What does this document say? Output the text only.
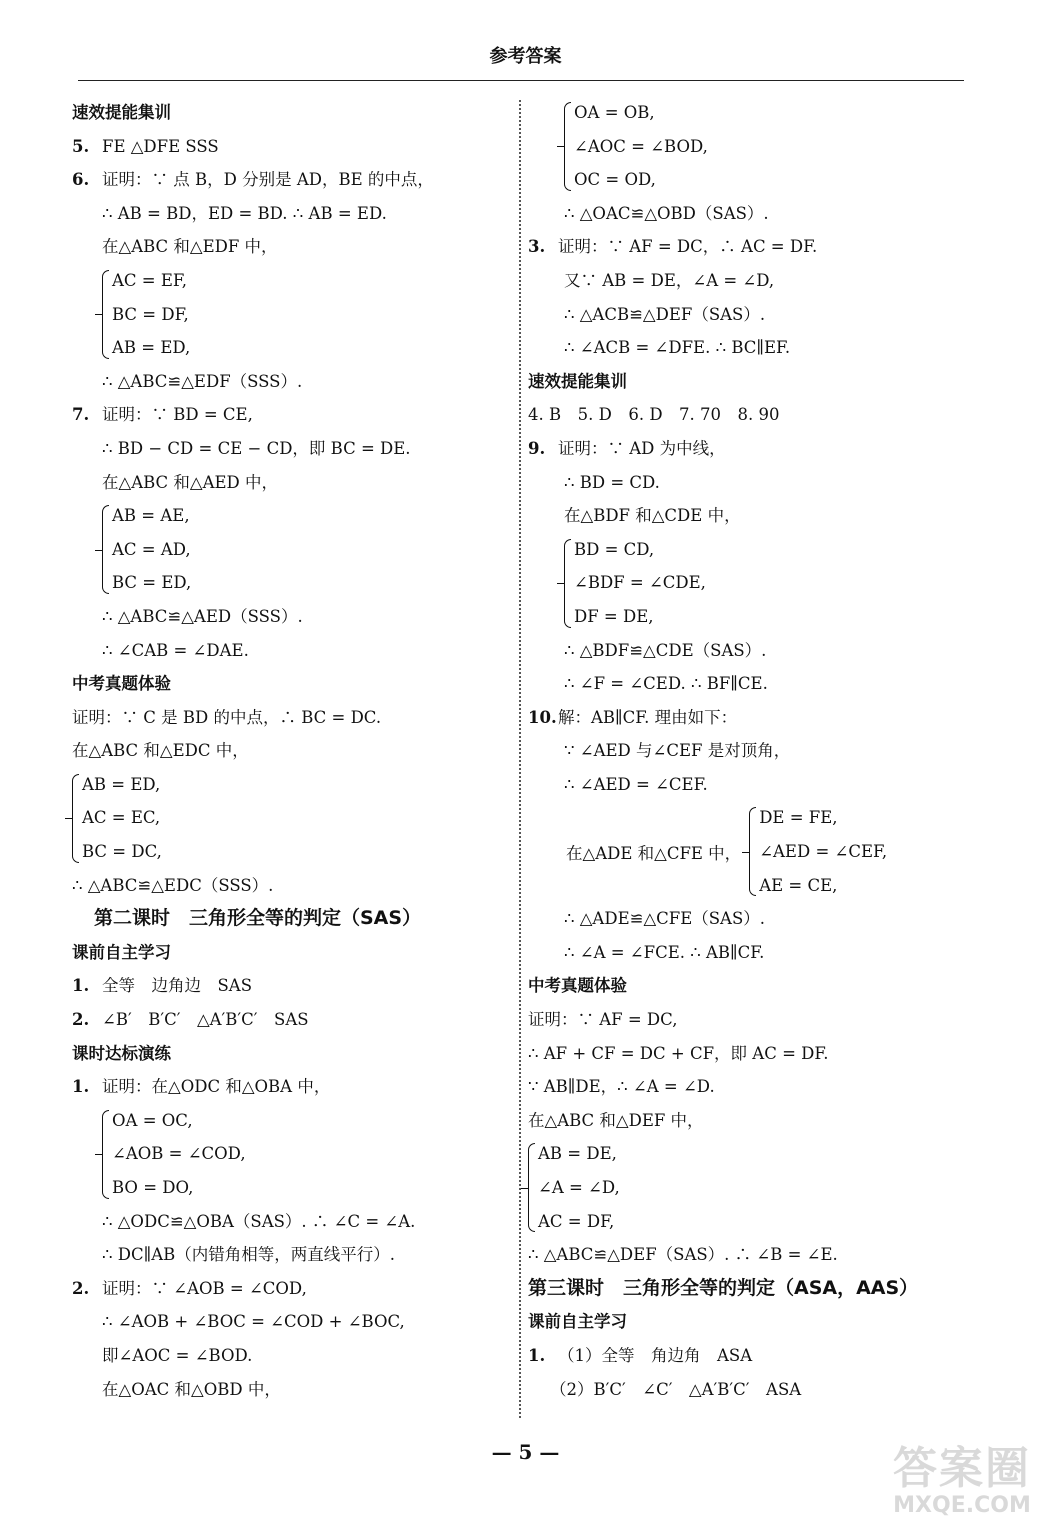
参考答案
速效提能集训
5. FE △DFE SSS
6. 证明：∵ 点 B，D 分别是 AD，BE 的中点，
∴ AB = BD，ED = BD. ∴ AB = ED.
在△ABC 和△EDF 中，
AC = EF,
BC = DF,
AB = ED,
∴ △ABC≌△EDF（SSS）.
7. 证明：∵ BD = CE,
∴ BD − CD = CE − CD，即 BC = DE.
在△ABC 和△AED 中，
AB = AE,
AC = AD,
BC = ED,
∴ △ABC≌△AED（SSS）.
∴ ∠CAB = ∠DAE.
中考真题体验
证明：∵ C 是 BD 的中点，∴ BC = DC.
在△ABC 和△EDC 中，
AB = ED,
AC = EC,
BC = DC,
∴ △ABC≌△EDC（SSS）.
第二课时　三角形全等的判定（SAS）
课前自主学习
1. 全等　边角边　SAS
2. ∠B′　B′C′　△A′B′C′　SAS
课时达标演练
1. 证明：在△ODC 和△OBA 中，
OA = OC,
∠AOB = ∠COD,
BO = DO,
∴ △ODC≌△OBA（SAS）. ∴ ∠C = ∠A.
∴ DC∥AB（内错角相等，两直线平行）.
2. 证明：∵ ∠AOB = ∠COD,
∴ ∠AOB + ∠BOC = ∠COD + ∠BOC,
即∠AOC = ∠BOD.
在△OAC 和△OBD 中，
OA = OB,
∠AOC = ∠BOD,
OC = OD,
∴ △OAC≌△OBD（SAS）.
3. 证明：∵ AF = DC，∴ AC = DF.
又∵ AB = DE，∠A = ∠D,
∴ △ACB≌△DEF（SAS）.
∴ ∠ACB = ∠DFE. ∴ BC∥EF.
速效提能集训
4. B　5. D　6. D　7. 70　8. 90
9. 证明：∵ AD 为中线，
∴ BD = CD.
在△BDF 和△CDE 中，
BD = CD,
∠BDF = ∠CDE,
DF = DE,
∴ △BDF≌△CDE（SAS）.
∴ ∠F = ∠CED. ∴ BF∥CE.
10.解：AB∥CF. 理由如下：
∵ ∠AED 与∠CEF 是对顶角，
∴ ∠AED = ∠CEF.
在△ADE 和△CFE 中，
DE = FE,
∠AED = ∠CEF,
AE = CE,
∴ △ADE≌△CFE（SAS）.
∴ ∠A = ∠FCE. ∴ AB∥CF.
中考真题体验
证明：∵ AF = DC,
∴ AF + CF = DC + CF，即 AC = DF.
∵ AB∥DE，∴ ∠A = ∠D.
在△ABC 和△DEF 中，
AB = DE,
∠A = ∠D,
AC = DF,
∴ △ABC≌△DEF（SAS）. ∴ ∠B = ∠E.
第三课时　三角形全等的判定（ASA，AAS）
课前自主学习
1. （1）全等　角边角　ASA
（2）B′C′　∠C′　△A′B′C′　ASA
— 5 —	答案圈
MXQE.COM
